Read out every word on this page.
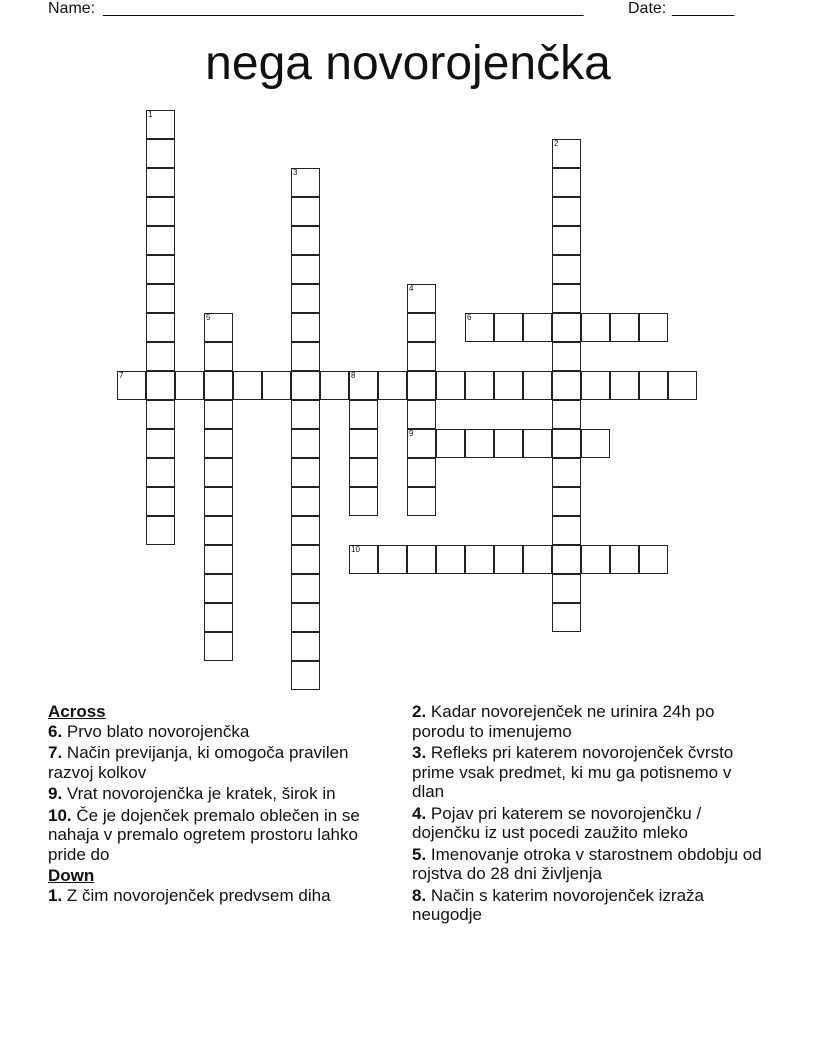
Name: ______________________________________________________	Date: _______
nega novorojenčka
1
2
3
4
9
5	6
7	8
10
Across
6. Prvo blato novorojenčka
7. Način previjanja, ki omogoča pravilen razvoj kolkov
9. Vrat novorojenčka je kratek, širok in
10. Če je dojenček premalo oblečen in se nahaja v premalo ogretem prostoru lahko pride do
Down
1. Z čim novorojenček predvsem diha
2. Kadar novorejenček ne urinira 24h po porodu to imenujemo
3. Refleks pri katerem novorojenček čvrsto prime vsak predmet, ki mu ga potisnemo v dlan
4. Pojav pri katerem se novorojenčku / dojenčku iz ust pocedi zaužito mleko
5. Imenovanje otroka v starostnem obdobju od rojstva do 28 dni življenja
8. Način s katerim novorojenček izraža neugodje
